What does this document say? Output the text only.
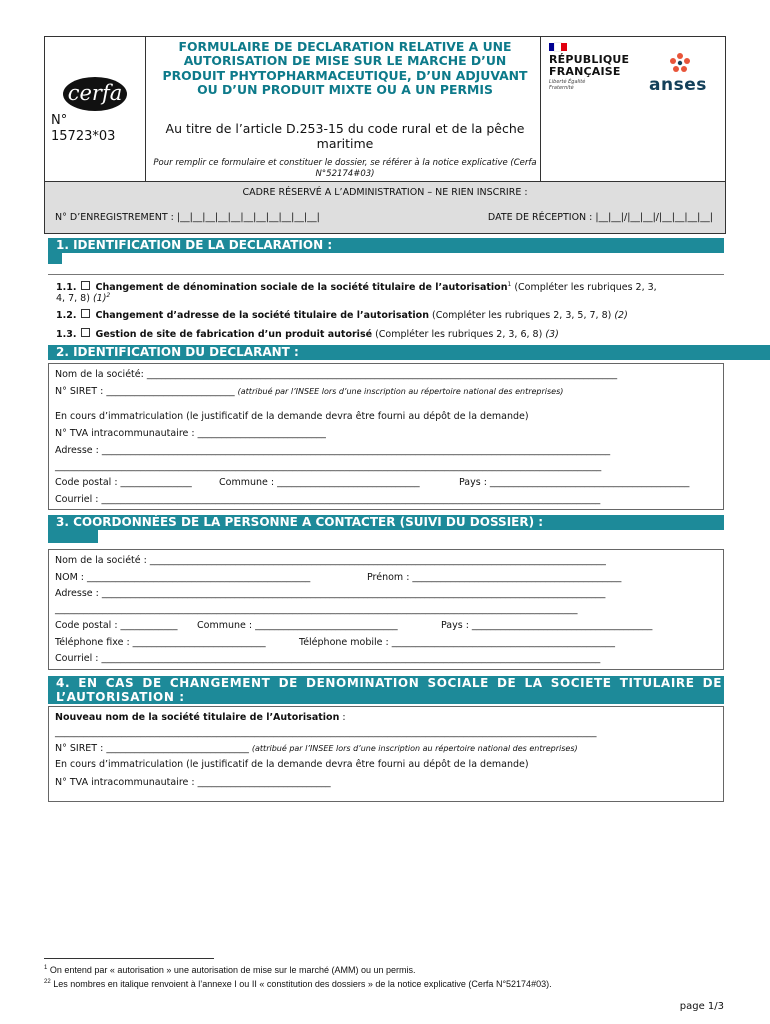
cerfa
N°
15723*03
FORMULAIRE DE DECLARATION RELATIVE A UNE AUTORISATION DE MISE SUR LE MARCHE D’UN PRODUIT PHYTOPHARMACEUTIQUE, D’UN ADJUVANT OU D’UN PRODUIT MIXTE OU A UN PERMIS
Au titre de l’article D.253-15 du code rural et de la pêche maritime
Pour remplir ce formulaire et constituer le dossier, se référer à la notice explicative (Cerfa N°52174#03)
RÉPUBLIQUE
FRANÇAISE
Liberté Égalité Fraternité	anses
CADRE RÉSERVÉ A L’ADMINISTRATION – NE RIEN INSCRIRE :
N° D’ENREGISTREMENT : |__|__|__|__|__|__|__|__|__|__|__|	DATE DE RÉCEPTION : |__|__|/|__|__|/|__|__|__|__|
1. IDENTIFICATION DE LA DECLARATION :
1.1. Changement de dénomination sociale de la société titulaire de l’autorisation$^1$ (Compléter les rubriques 2, 3,
4, 7, 8) $(1)^2$
1.2. Changement d’adresse de la société titulaire de l’autorisation (Compléter les rubriques 2, 3, 5, 7, 8) (2)
1.3. Gestion de site de fabrication d’un produit autorisé (Compléter les rubriques 2, 3, 6, 8) (3)
2. IDENTIFICATION DU DECLARANT :
Nom de la société: ___________________________________________________________________________________________________
N° SIRET : ___________________________ (attribué par l’INSEE lors d’une inscription au répertoire national des entreprises)
En cours d’immatriculation (le justificatif de la demande devra être fourni au dépôt de la demande)
N° TVA intracommunautaire : ___________________________
Adresse : ___________________________________________________________________________________________________________
___________________________________________________________________________________________________________________
Code postal : _______________	Commune : ______________________________	Pays : __________________________________________
Courriel : _________________________________________________________________________________________________________
3. COORDONNÉES DE LA PERSONNE A CONTACTER (SUIVI DU DOSSIER) :
Nom de la société : ________________________________________________________________________________________________
NOM : _______________________________________________	Prénom : ____________________________________________
Adresse : __________________________________________________________________________________________________________
______________________________________________________________________________________________________________
Code postal : ____________ Commune : ______________________________	Pays : ______________________________________
Téléphone fixe : ____________________________	Téléphone mobile : _______________________________________________
Courriel : _________________________________________________________________________________________________________
4. EN CAS DE CHANGEMENT DE DENOMINATION SOCIALE DE LA SOCIETE TITULAIRE DE L’AUTORISATION :
Nouveau nom de la société titulaire de l’Autorisation :
__________________________________________________________________________________________________________________
N° SIRET : ______________________________ (attribué par l’INSEE lors d’une inscription au répertoire national des entreprises)
En cours d’immatriculation (le justificatif de la demande devra être fourni au dépôt de la demande)
N° TVA intracommunautaire : ____________________________
$^1$ On entend par « autorisation » une autorisation de mise sur le marché (AMM) ou un permis.
$^{22}$ Les nombres en italique renvoient à l’annexe I ou II « constitution des dossiers » de la notice explicative (Cerfa N°52174#03).
page 1/3
